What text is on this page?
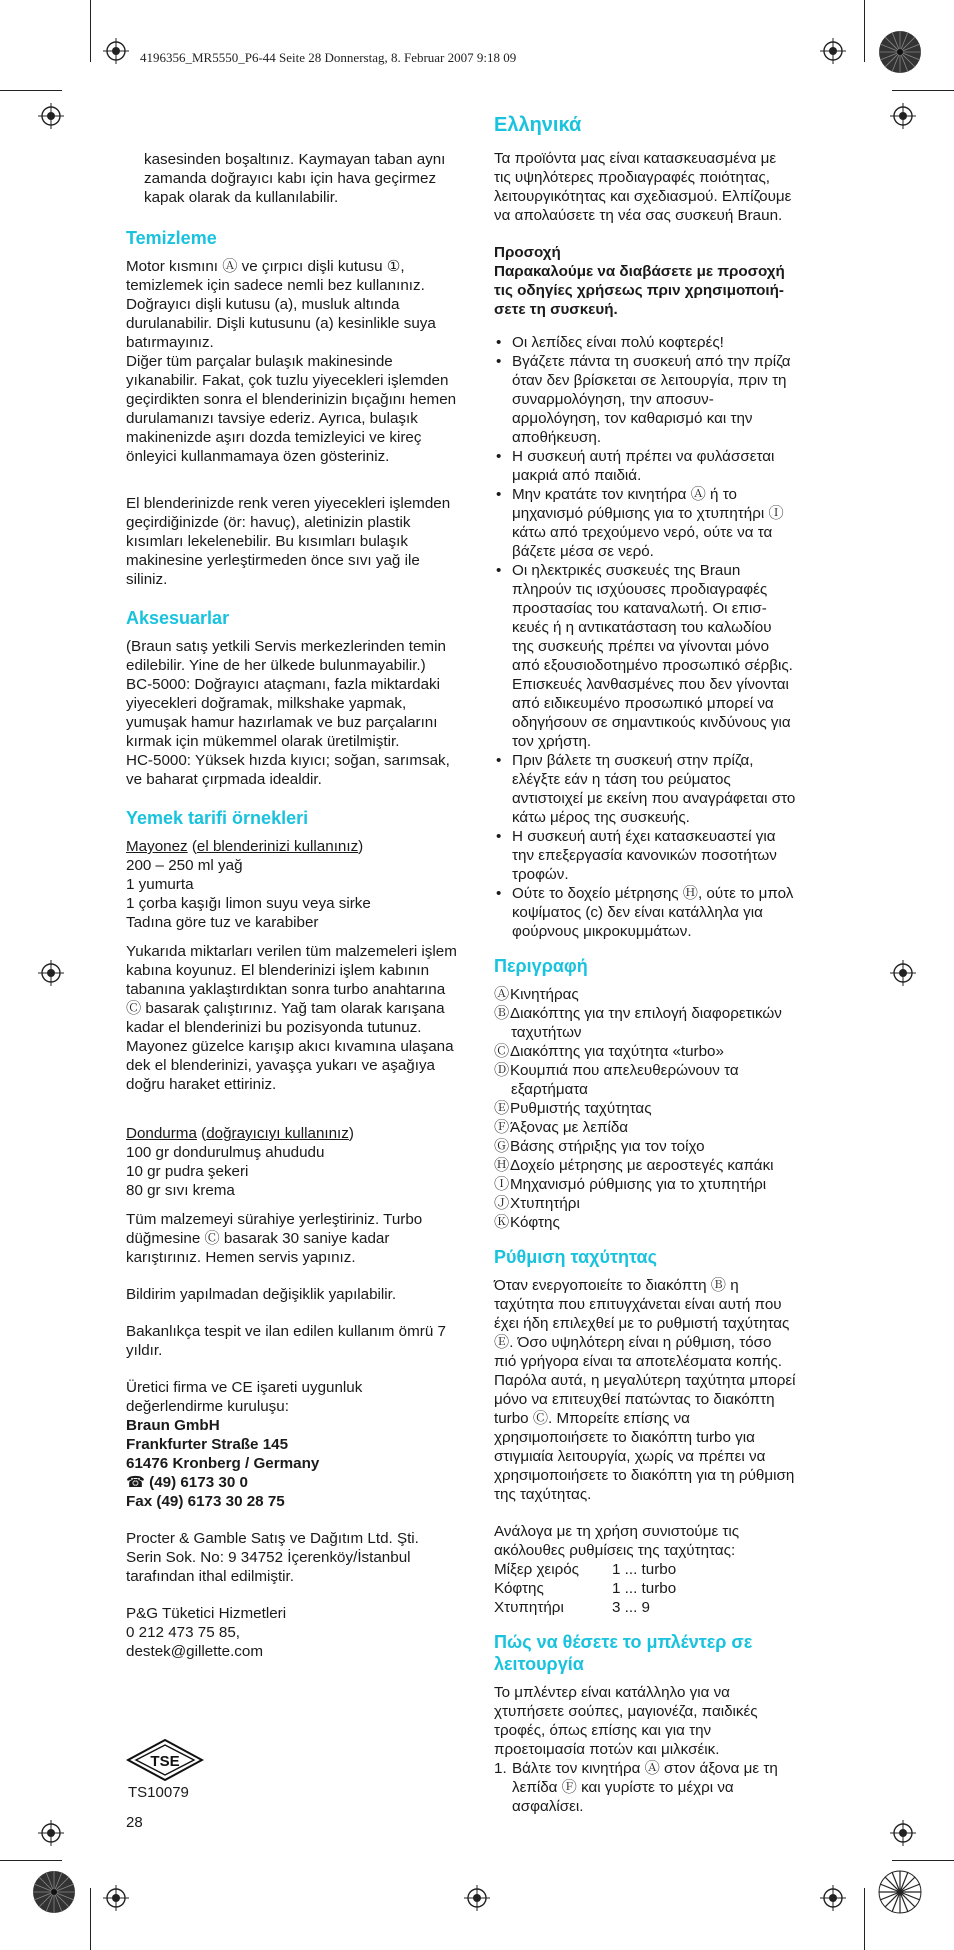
4196356_MR5550_P6-44 Seite 28 Donnerstag, 8. Februar 2007 9:18 09

kasesinden boşaltınız. Kaymayan taban aynı zamanda doğrayıcı kabı için hava geçirmez kapak olarak da kullanılabilir.

Temizleme

Motor kısmını Ⓐ ve çırpıcı dişli kutusu ①, temizlemek için sadece nemli bez kullanınız. Doğrayıcı dişli kutusu (a), musluk altında durulanabilir. Dişli kutusunu (a) kesinlikle suya batırmayınız.

Diğer tüm parçalar bulaşık makinesinde yıkanabilir. Fakat, çok tuzlu yiyecekleri işlemden geçirdikten sonra el blenderinizin bıçağını hemen durulamanızı tavsiye ederiz. Ayrıca, bulaşık makinenizde aşırı dozda temizleyici ve kireç önleyici kullanmamaya özen gösteriniz.

El blenderinizde renk veren yiyecekleri işlemden geçirdiğinizde (ör: havuç), aletinizin plastik kısımları lekelenebilir. Bu kısımları bulaşık makinesine yerleştirmeden önce sıvı yağ ile siliniz.

Aksesuarlar

(Braun satış yetkili Servis merkezlerinden temin edilebilir. Yine de her ülkede bulunmayabilir.)

BC-5000: Doğrayıcı ataçmanı, fazla miktardaki yiyecekleri doğramak, milkshake yapmak, yumuşak hamur hazırlamak ve buz parçalarını kırmak için mükemmel olarak üretilmiştir.

HC-5000: Yüksek hızda kıyıcı; soğan, sarımsak, ve baharat çırpmada idealdir.

Yemek tarifi örnekleri
Mayonez (el blenderinizi kullanınız)
200 – 250 ml yağ
1 yumurta
1 çorba kaşığı limon suyu veya sirke
Tadına göre tuz ve karabiber

Yukarıda miktarları verilen tüm malzemeleri işlem kabına koyunuz. El blenderinizi işlem kabının tabanına yaklaştırdıktan sonra turbo anahtarına Ⓒ basarak çalıştırınız. Yağ tam olarak karışana kadar el blenderinizi bu pozisyonda tutunuz. Mayonez güzelce karışıp akıcı kıvamına ulaşana dek el blenderinizi, yavaşça yukarı ve aşağıya doğru haraket ettiriniz.

Dondurma (doğrayıcıyı kullanınız)
100 gr dondurulmuş ahududu
10 gr pudra şekeri
80 gr sıvı krema

Tüm malzemeyi sürahiye yerleştiriniz. Turbo düğmesine Ⓒ basarak 30 saniye kadar karıştırınız. Hemen servis yapınız.

Bildirim yapılmadan değişiklik yapılabilir.

Bakanlıkça tespit ve ilan edilen kullanım ömrü 7 yıldır.

Üretici firma ve CE işareti uygunluk değerlendirme kuruluşu:

Braun GmbH
Frankfurter Straße 145
61476 Kronberg / Germany
☎ (49) 6173 30 0
Fax (49) 6173 30 28 75
Procter & Gamble Satış ve Dağıtım Ltd. Şti.
Serin Sok. No: 9 34752 İçerenköy/İstanbul
tarafından ithal edilmiştir.
P&G Tüketici Hizmetleri
0 212 473 75 85,
destek@gillette.com
TSE
TS10079
28
Ελληνικά

Τα προϊόντα μας είναι κατασκευασμένα με τις υψηλότερες προδιαγραφές ποιότητας, λειτουργικότητας και σχεδιασμού. Ελπίζουμε να απολαύσετε τη νέα σας συσκευή Braun.

Προσοχή

Παρακαλούμε να διαβάσετε με προσοχή τις οδηγίες χρήσεως πριν χρησιμοποιή-σετε τη συσκευή.

• Οι λεπίδες είναι πολύ κοφτερές!
• Βγάζετε πάντα τη συσκευή από την πρίζα όταν δεν βρίσκεται σε λειτουργία, πριν τη συναρμολόγηση, την αποσυν-αρμολόγηση, τον καθαρισμό και την αποθήκευση.
• Η συσκευή αυτή πρέπει να φυλάσσεται μακριά από παιδιά.
• Μην κρατάτε τον κινητήρα Ⓐ ή το μηχανισμό ρύθμισης για το χτυπητήρι Ⓘ κάτω από τρεχούμενο νερό, ούτε να τα βάζετε μέσα σε νερό.
• Οι ηλεκτρικές συσκευές της Braun πληρούν τις ισχύουσες προδιαγραφές προστασίας του καταναλωτή. Οι επισ-κευές ή η αντικατάσταση του καλωδίου της συσκευής πρέπει να γίνονται μόνο από εξουσιοδοτημένο προσωπικό σέρβις. Επισκευές λανθασμένες που δεν γίνονται από ειδικευμένο προσωπικό μπορεί να οδηγήσουν σε σημαντικούς κινδύνους για τον χρήστη.
• Πριν βάλετε τη συσκευή στην πρίζα, ελέγξτε εάν η τάση του ρεύματος αντιστοιχεί με εκείνη που αναγράφεται στο κάτω μέρος της συσκευής.
• Η συσκευή αυτή έχει κατασκευαστεί για την επεξεργασία κανονικών ποσοτήτων τροφών.
• Ούτε το δοχείο μέτρησης Ⓗ, ούτε το μπολ κοψίματος (c) δεν είναι κατάλληλα για φούρνους μικροκυμμάτων.
Περιγραφή
ⒶΚινητήρας
ⒷΔιακόπτης για την επιλογή διαφορετικών ταχυτήτων
ⒸΔιακόπτης για ταχύτητα «turbo»
ⒹΚουμπιά που απελευθερώνουν τα εξαρτήματα
ⒺΡυθμιστής ταχύτητας
ⒻΆξονας με λεπίδα
ⒼΒάσης στήριξης για τον τοίχο
ⒽΔοχείο μέτρησης με αεροστεγές καπάκι
ⒾΜηχανισμό ρύθμισης για το χτυπητήρι
ⒿΧτυπητήρι
ⓀΚόφτης
Ρύθμιση ταχύτητας

Όταν ενεργοποιείτε το διακόπτη Ⓑ η ταχύτητα που επιτυγχάνεται είναι αυτή που έχει ήδη επιλεχθεί με το ρυθμιστή ταχύτητας Ⓔ. Όσο υψηλότερη είναι η ρύθμιση, τόσο πιό γρήγορα είναι τα αποτελέσματα κοπής. Παρόλα αυτά, η μεγαλύτερη ταχύτητα μπορεί μόνο να επιτευχθεί πατώντας το διακόπτη turbo Ⓒ. Μπορείτε επίσης να χρησιμοποιήσετε το διακόπτη turbo για στιγμιαία λειτουργία, χωρίς να πρέπει να χρησιμοποιήσετε το διακόπτη για τη ρύθμιση της ταχύτητας.

Ανάλογα με τη χρήση συνιστούμε τις ακόλουθες ρυθμίσεις της ταχύτητας:

Μίξερ χειρός	1 ... turbo
Κόφτης	1 ... turbo
Χτυπητήρι	3 ... 9
Πώς να θέσετε το μπλέντερ σε λειτουργία

Το μπλέντερ είναι κατάλληλο για να χτυπήσετε σούπες, μαγιονέζα, παιδικές τροφές, όπως επίσης και για την προετοιμασία ποτών και μιλκσέικ.

1. Βάλτε τον κινητήρα Ⓐ στον άξονα με τη λεπίδα Ⓕ και γυρίστε το μέχρι να ασφαλίσει.
